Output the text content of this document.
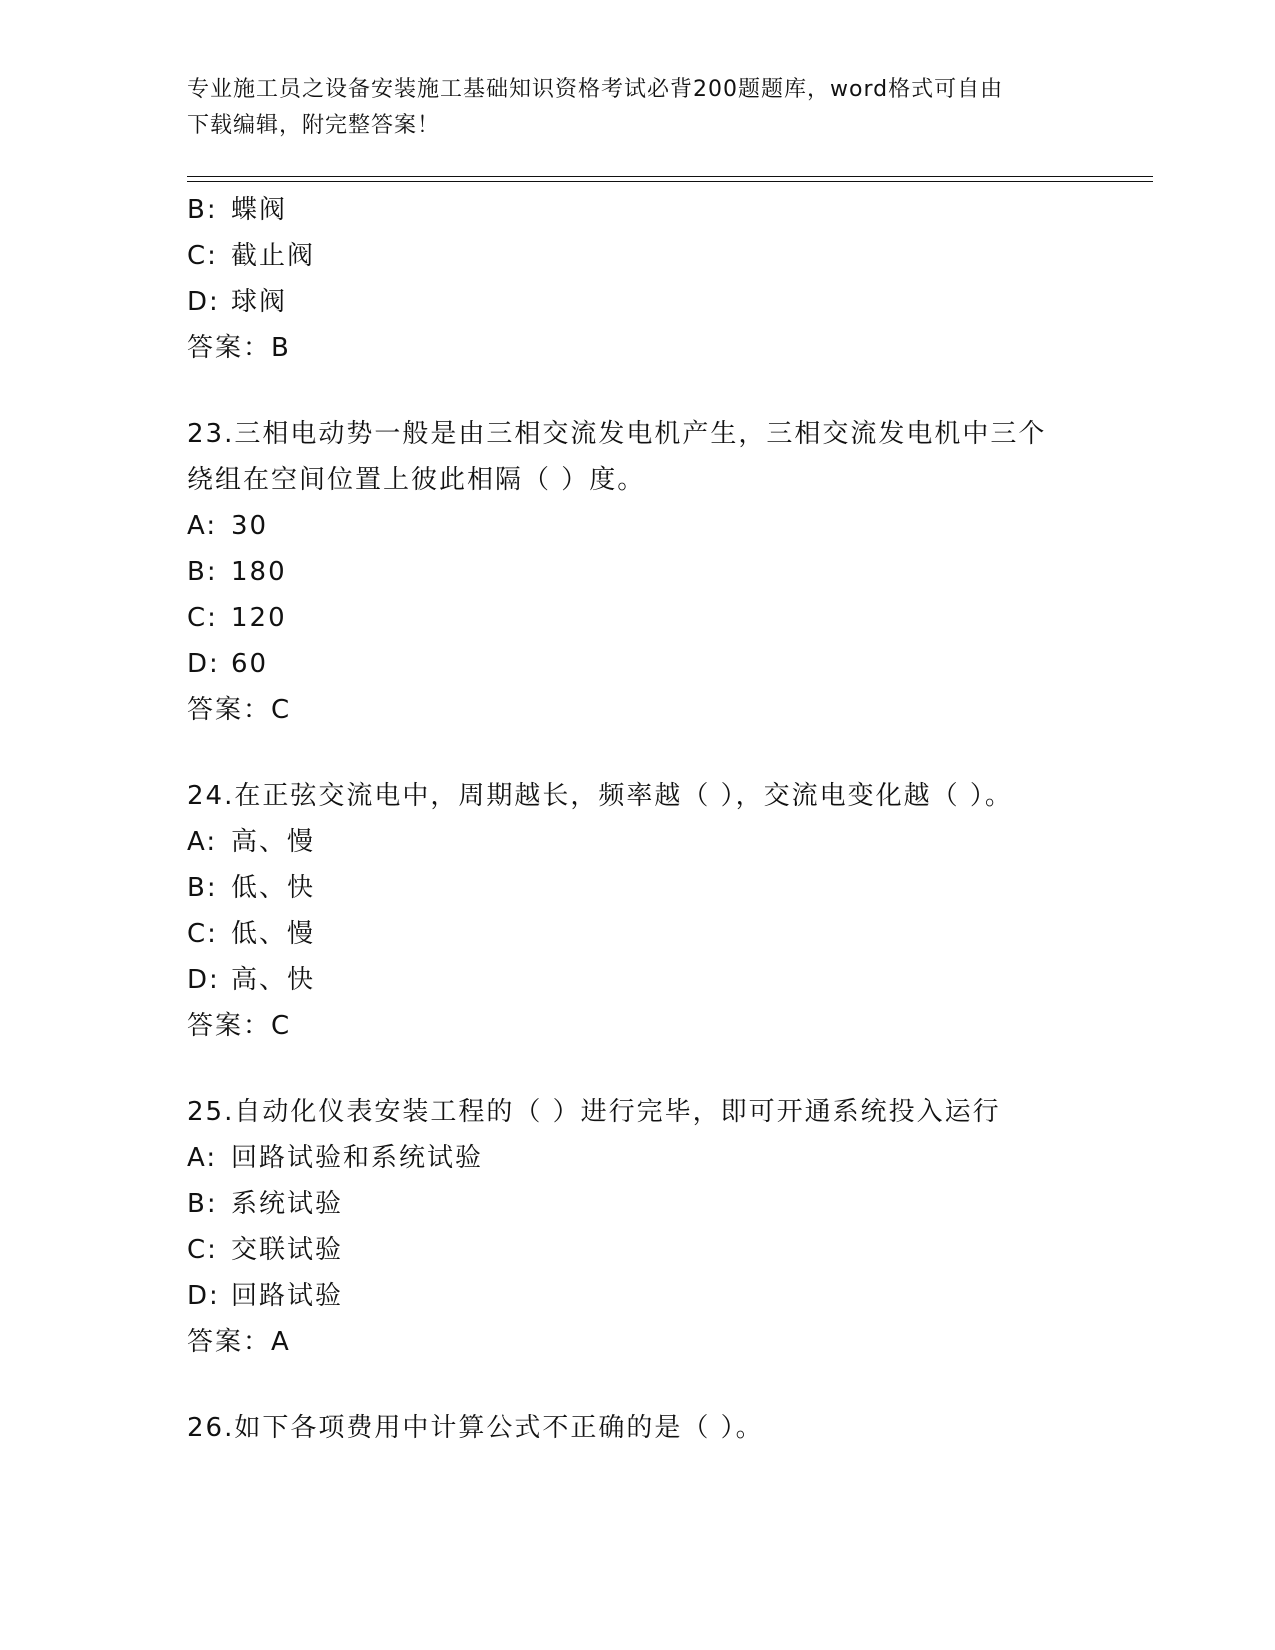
专业施工员之设备安装施工基础知识资格考试必背200题题库，word格式可自由
下载编辑，附完整答案！
B: 蝶阀
C: 截止阀
D: 球阀
答案：B
23.三相电动势一般是由三相交流发电机产生，三相交流发电机中三个
绕组在空间位置上彼此相隔（ ）度。
A: 30
B: 180
C: 120
D: 60
答案：C
24.在正弦交流电中，周期越长，频率越（ ），交流电变化越（ ）。
A: 高、慢
B: 低、快
C: 低、慢
D: 高、快
答案：C
25.自动化仪表安装工程的（ ）进行完毕，即可开通系统投入运行
A: 回路试验和系统试验
B: 系统试验
C: 交联试验
D: 回路试验
答案：A
26.如下各项费用中计算公式不正确的是（ ）。
